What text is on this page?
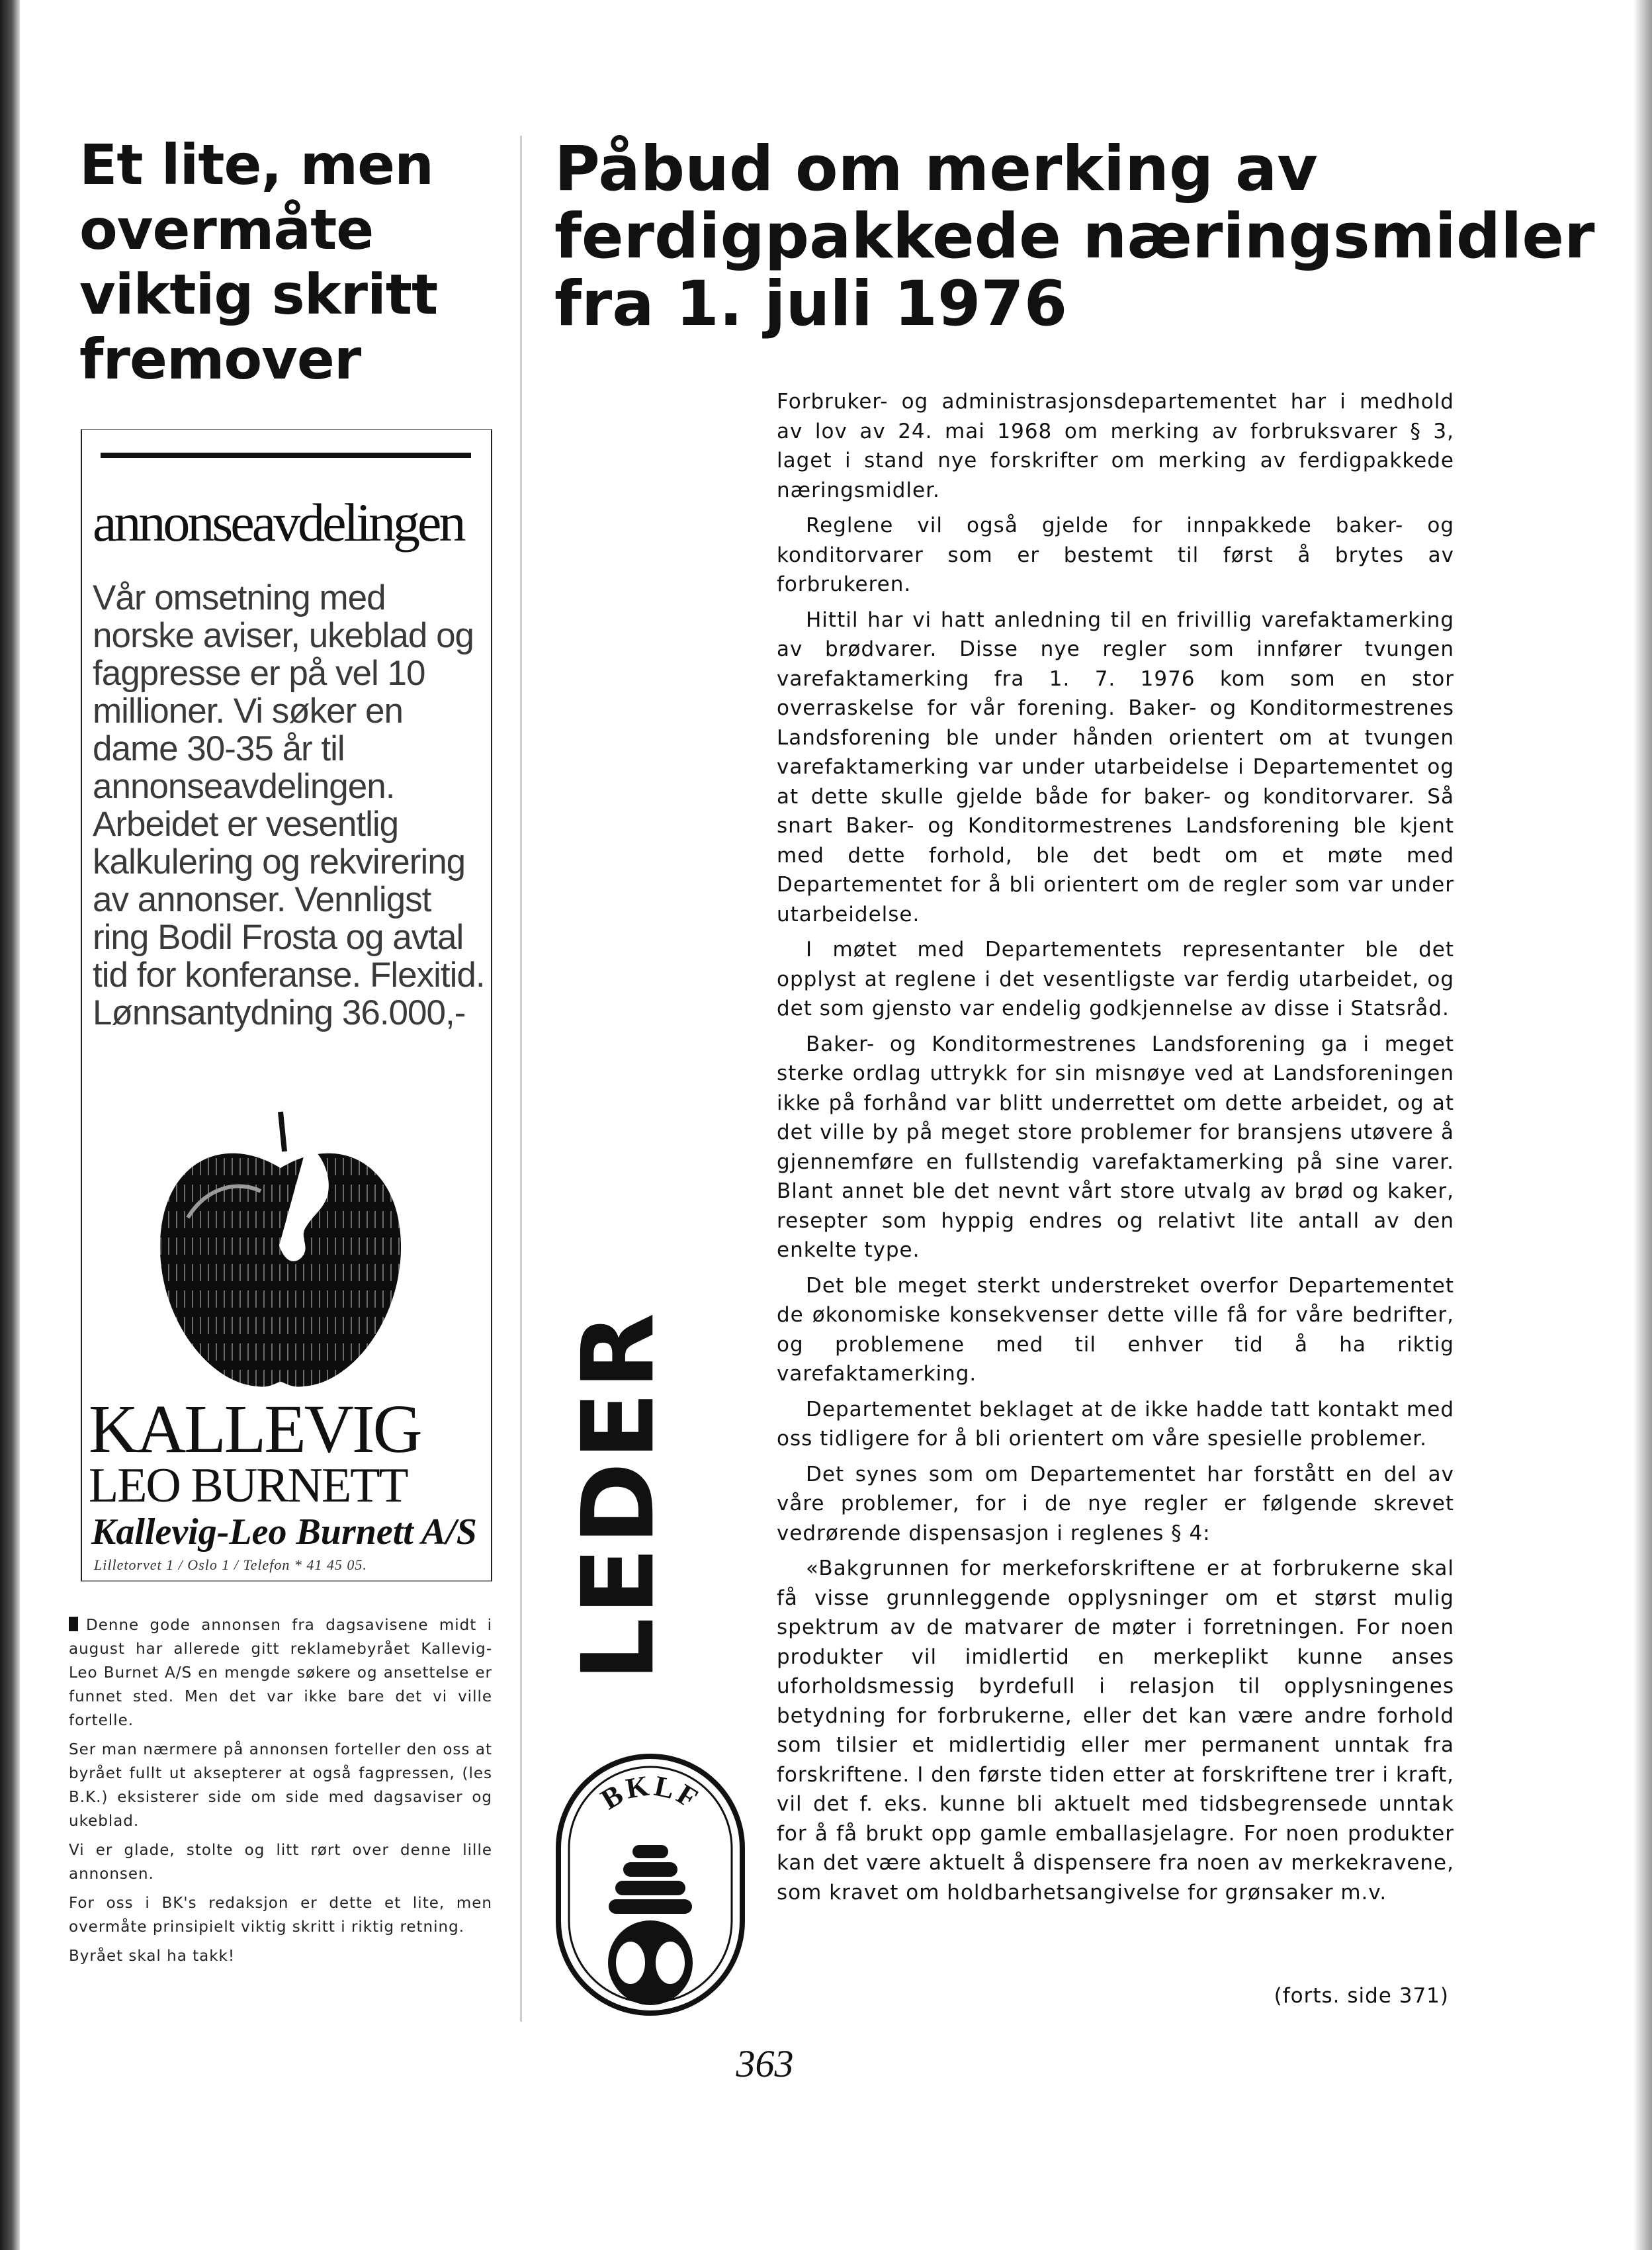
Et lite, men overmåte viktig skritt fremover
annonseavdelingen
Vår omsetning med norske aviser, ukeblad og fagpresse er på vel 10 millioner. Vi søker en dame 30-35 år til annonseavdelingen. Arbeidet er vesentlig kalkulering og rekvirering av annonser. Vennligst ring Bodil Frosta og avtal tid for konferanse. Flexitid. Lønnsantydning 36.000,-
KALLEVIG
LEO BURNETT
Kallevig-Leo Burnett A/S
Lilletorvet 1 / Oslo 1 / Telefon * 41 45 05.

Denne gode annonsen fra dagsavisene midt i august har allerede gitt reklamebyrået Kallevig-Leo Burnet A/S en mengde søkere og ansettelse er funnet sted. Men det var ikke bare det vi ville fortelle.

Ser man nærmere på annonsen forteller den oss at byrået fullt ut aksepterer at også fagpressen, (les B.K.) eksisterer side om side med dagsaviser og ukeblad.

Vi er glade, stolte og litt rørt over denne lille annonsen.

For oss i BK's redaksjon er dette et lite, men overmåte prinsipielt viktig skritt i riktig retning.

Byrået skal ha takk!

Påbud om merking av ferdigpakkede næringsmidler fra 1. juli 1976

Forbruker- og administrasjonsdepartementet har i medhold av lov av 24. mai 1968 om merking av forbruksvarer § 3, laget i stand nye forskrifter om merking av ferdigpakkede næringsmidler.

Reglene vil også gjelde for innpakkede baker- og konditorvarer som er bestemt til først å brytes av forbrukeren.

Hittil har vi hatt anledning til en frivillig varefaktamerking av brødvarer. Disse nye regler som innfører tvungen varefaktamerking fra 1. 7. 1976 kom som en stor overraskelse for vår forening. Baker- og Konditormestrenes Landsforening ble under hånden orientert om at tvungen varefaktamerking var under utarbeidelse i Departementet og at dette skulle gjelde både for baker- og konditorvarer. Så snart Baker- og Konditormestrenes Landsforening ble kjent med dette forhold, ble det bedt om et møte med Departementet for å bli orientert om de regler som var under utarbeidelse.

I møtet med Departementets representanter ble det opplyst at reglene i det vesentligste var ferdig utarbeidet, og det som gjensto var endelig godkjennelse av disse i Statsråd.

Baker- og Konditormestrenes Landsforening ga i meget sterke ordlag uttrykk for sin misnøye ved at Landsforeningen ikke på forhånd var blitt underrettet om dette arbeidet, og at det ville by på meget store problemer for bransjens utøvere å gjennemføre en fullstendig varefaktamerking på sine varer. Blant annet ble det nevnt vårt store utvalg av brød og kaker, resepter som hyppig endres og relativt lite antall av den enkelte type.

Det ble meget sterkt understreket overfor Departementet de økonomiske konsekvenser dette ville få for våre bedrifter, og problemene med til enhver tid å ha riktig varefaktamerking.

Departementet beklaget at de ikke hadde tatt kontakt med oss tidligere for å bli orientert om våre spesielle problemer.

Det synes som om Departementet har forstått en del av våre problemer, for i de nye regler er følgende skrevet vedrørende dispensasjon i reglenes § 4:

«Bakgrunnen for merkeforskriftene er at forbrukerne skal få visse grunnleggende opplysninger om et størst mulig spektrum av de matvarer de møter i forretningen. For noen produkter vil imidlertid en merkeplikt kunne anses uforholdsmessig byrdefull i relasjon til opplysningenes betydning for forbrukerne, eller det kan være andre forhold som tilsier et midlertidig eller mer permanent unntak fra forskriftene. I den første tiden etter at forskriftene trer i kraft, vil det f. eks. kunne bli aktuelt med tidsbegrensede unntak for å få brukt opp gamle emballasjelagre. For noen produkter kan det være aktuelt å dispensere fra noen av merkekravene, som kravet om holdbarhetsangivelse for grønsaker m.v.

(forts. side 371)
LEDER
BKLF
363
